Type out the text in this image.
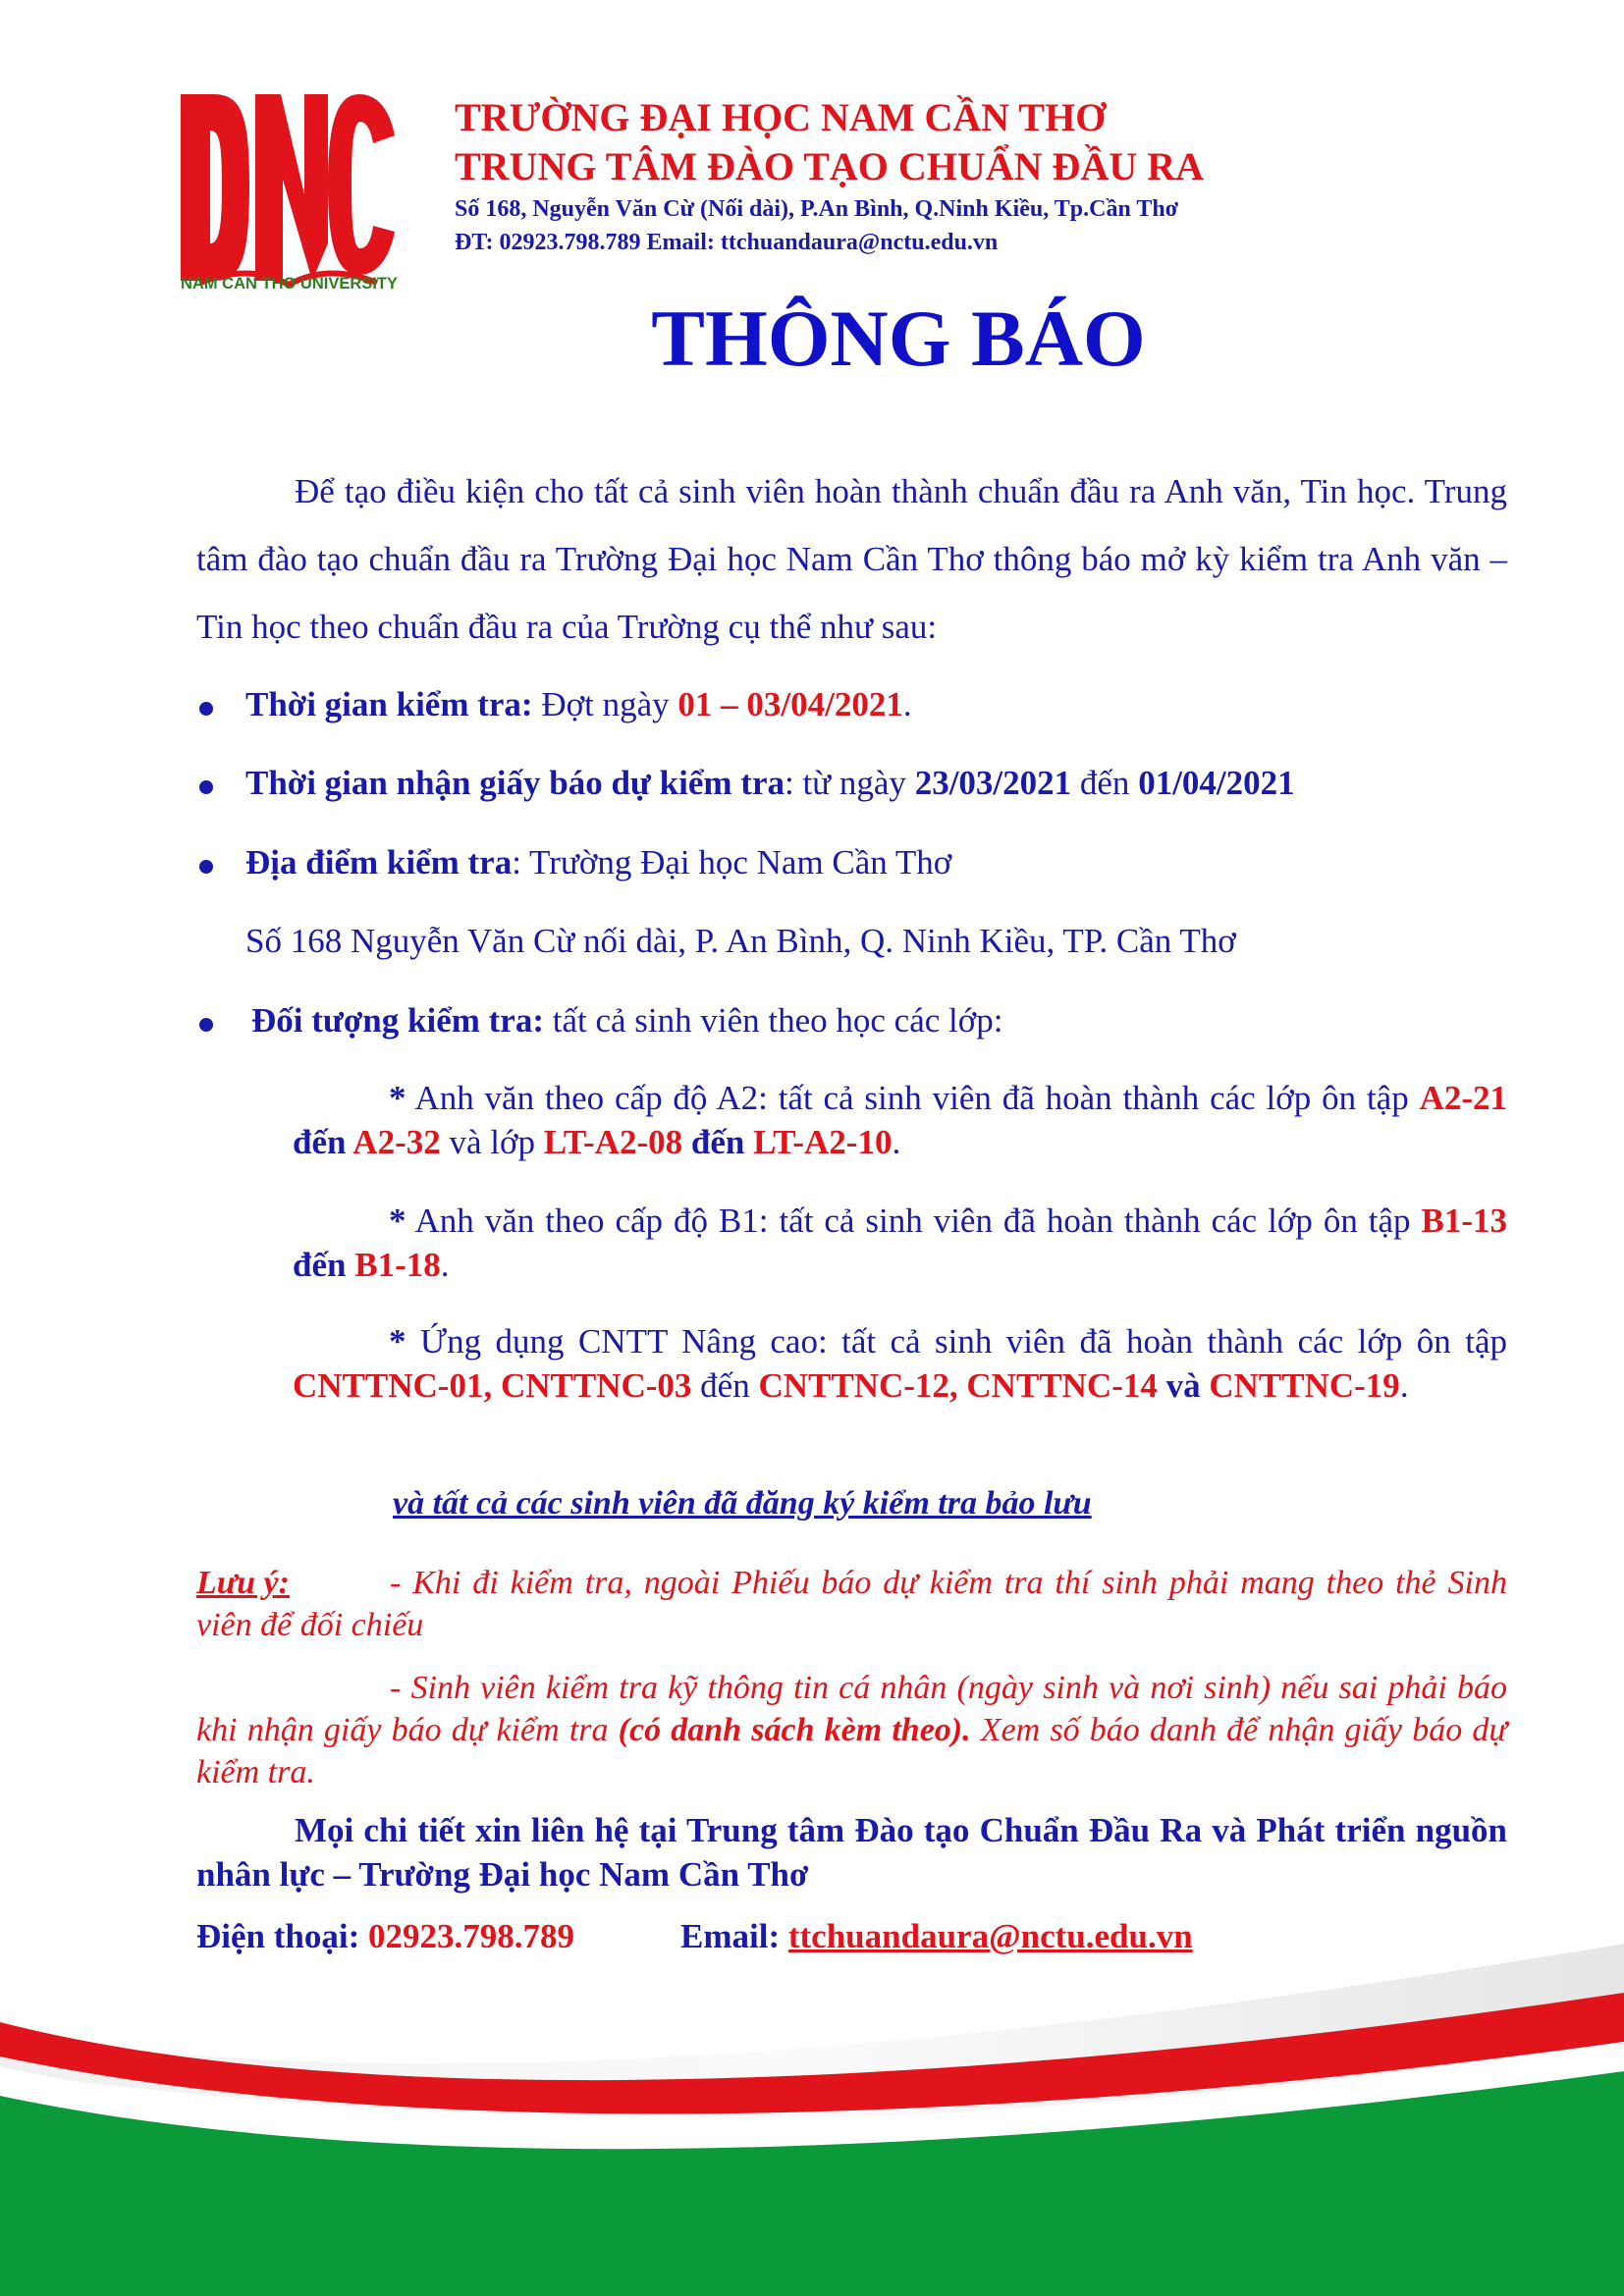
NAM CAN THO UNIVERSITY
TRƯỜNG ĐẠI HỌC NAM CẦN THƠ
TRUNG TÂM ĐÀO TẠO CHUẨN ĐẦU RA
Số 168, Nguyễn Văn Cừ (Nối dài), P.An Bình, Q.Ninh Kiều, Tp.Cần Thơ
ĐT: 02923.798.789 Email: ttchuandaura@nctu.edu.vn
THÔNG BÁO
Để tạo điều kiện cho tất cả sinh viên hoàn thành chuẩn đầu ra Anh văn, Tin học. Trung tâm đào tạo chuẩn đầu ra Trường Đại học Nam Cần Thơ thông báo mở kỳ kiểm tra Anh văn – Tin học theo chuẩn đầu ra của Trường cụ thể như sau:
Thời gian kiểm tra: Đợt ngày 01 – 03/04/2021.
Thời gian nhận giấy báo dự kiểm tra: từ ngày 23/03/2021 đến 01/04/2021
Địa điểm kiểm tra: Trường Đại học Nam Cần Thơ
Số 168 Nguyễn Văn Cừ nối dài, P. An Bình, Q. Ninh Kiều, TP. Cần Thơ
Đối tượng kiểm tra: tất cả sinh viên theo học các lớp:
* Anh văn theo cấp độ A2: tất cả sinh viên đã hoàn thành các lớp ôn tập A2-21 đến A2-32 và lớp LT-A2-08 đến LT-A2-10.
* Anh văn theo cấp độ B1: tất cả sinh viên đã hoàn thành các lớp ôn tập B1-13 đến B1-18.
* Ứng dụng CNTT Nâng cao: tất cả sinh viên đã hoàn thành các lớp ôn tập CNTTNC-01, CNTTNC-03 đến CNTTNC-12, CNTTNC-14 và CNTTNC-19.
và tất cả các sinh viên đã đăng ký kiểm tra bảo lưu
Lưu ý:	- Khi đi kiểm tra, ngoài Phiếu báo dự kiểm tra thí sinh phải mang theo thẻ Sinh viên để đối chiếu
- Sinh viên kiểm tra kỹ thông tin cá nhân (ngày sinh và nơi sinh) nếu sai phải báo khi nhận giấy báo dự kiểm tra (có danh sách kèm theo). Xem số báo danh để nhận giấy báo dự kiểm tra.
Mọi chi tiết xin liên hệ tại Trung tâm Đào tạo Chuẩn Đầu Ra và Phát triển nguồn nhân lực – Trường Đại học Nam Cần Thơ
Điện thoại: 02923.798.789	Email: ttchuandaura@nctu.edu.vn
